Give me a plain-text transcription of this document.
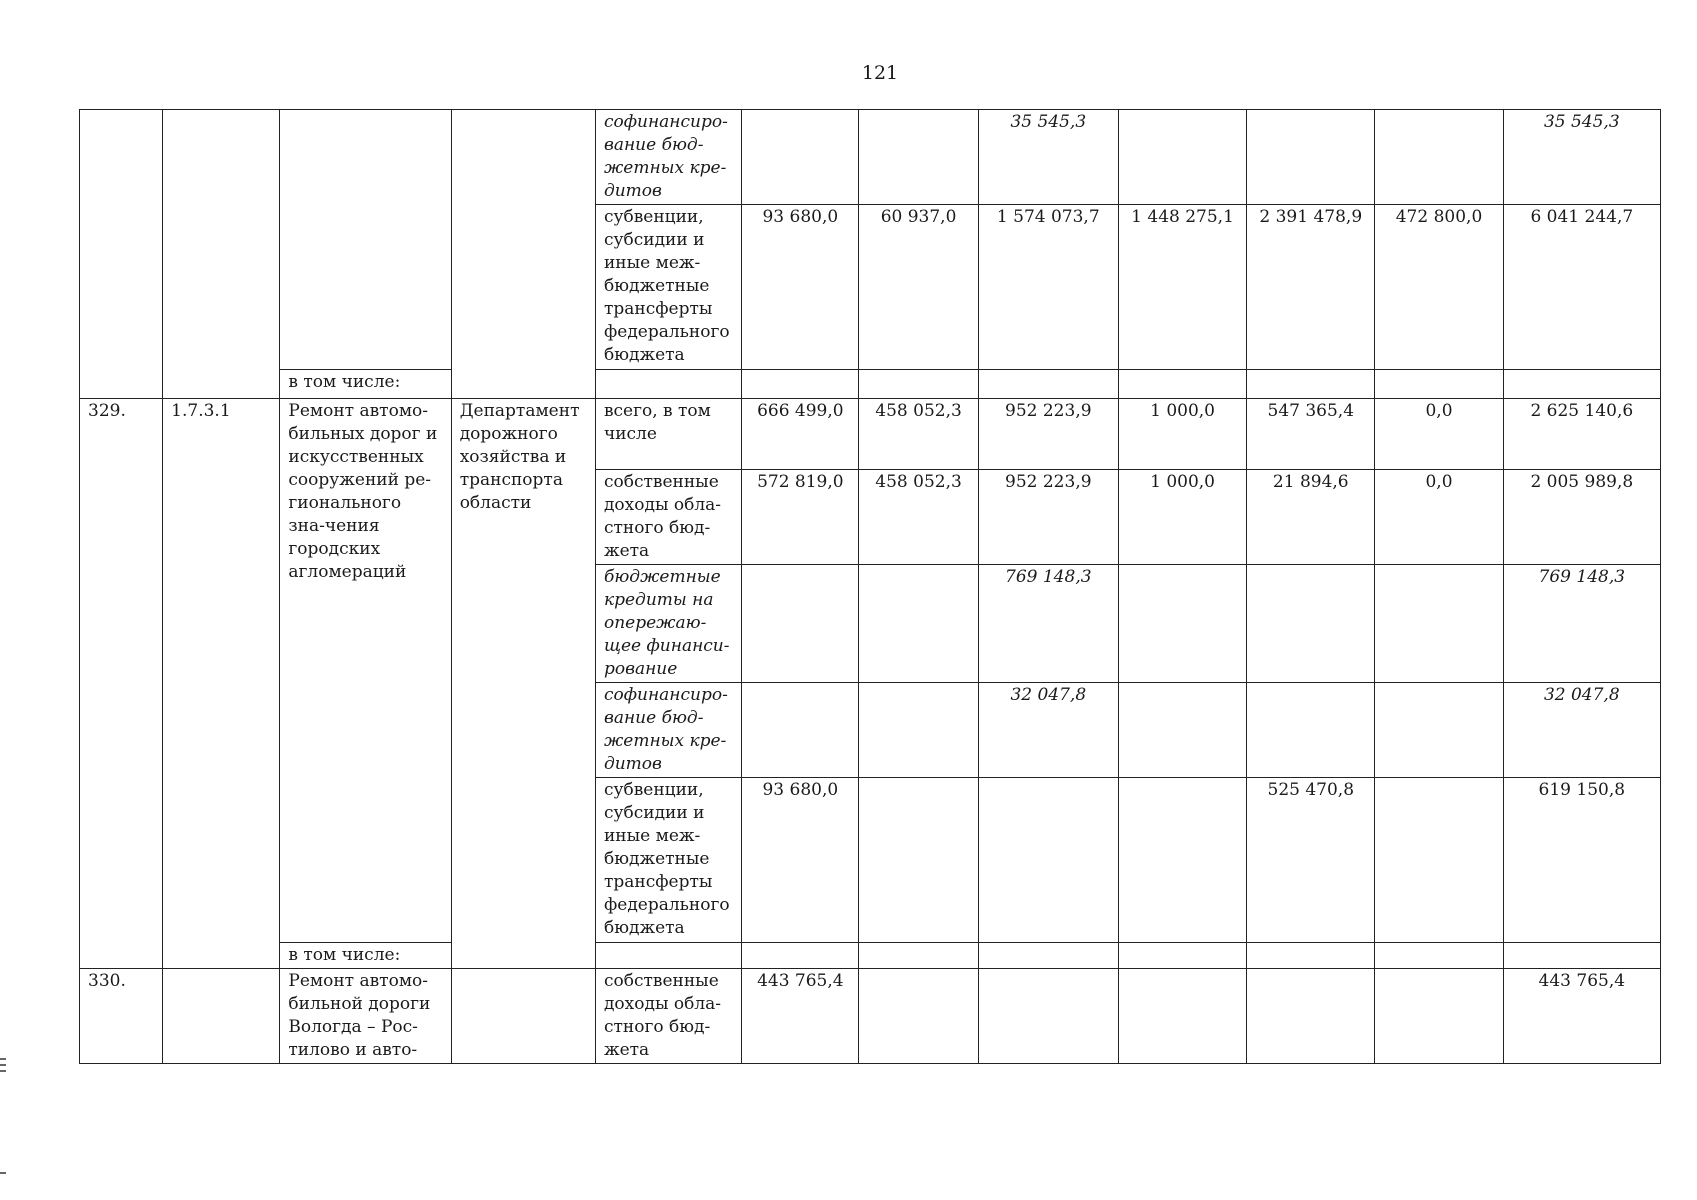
121
				софинансиро-вание бюд-жетных кре-дитов			35 545,3				35 545,3
				субвенции, субсидии и иные меж-бюджетные трансферты федерального бюджета	93 680,0	60 937,0	1 574 073,7	1 448 275,1	2 391 478,9	472 800,0	6 041 244,7
		в том числе:									
329.	1.7.3.1	Ремонт автомо-бильных дорог и искусственных сооружений ре-гионального зна-чения городских агломераций	Департамент дорожного хозяйства и транспорта области	всего, в том числе	666 499,0	458 052,3	952 223,9	1 000,0	547 365,4	0,0	2 625 140,6
				собственные доходы обла-стного бюд-жета	572 819,0	458 052,3	952 223,9	1 000,0	21 894,6	0,0	2 005 989,8
				бюджетные кредиты на опережаю-щее финанси-рование			769 148,3				769 148,3
				софинансиро-вание бюд-жетных кре-дитов			32 047,8				32 047,8
				субвенции, субсидии и иные меж-бюджетные трансферты федерального бюджета	93 680,0				525 470,8		619 150,8
		в том числе:									
330.		Ремонт автомо-бильной дороги Вологда – Рос-тилово и авто-		собственные доходы обла-стного бюд-жета	443 765,4						443 765,4
